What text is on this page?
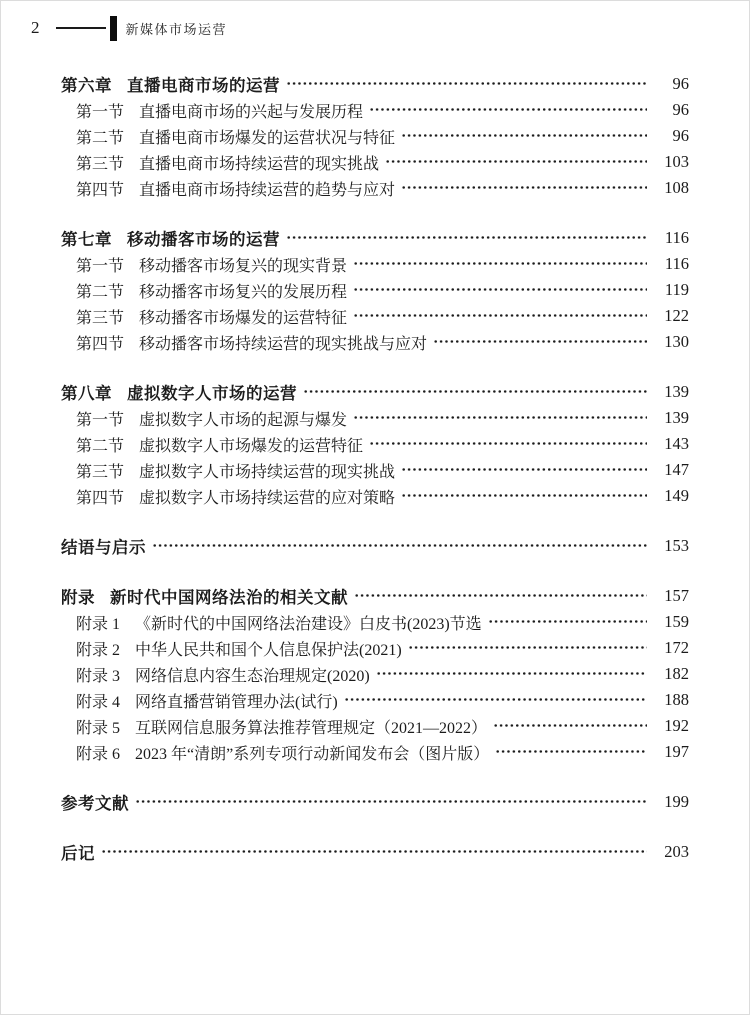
2	新媒体市场运营
第六章 直播电商市场的运营	96
第一节 直播电商市场的兴起与发展历程	96
第二节 直播电商市场爆发的运营状况与特征	96
第三节 直播电商市场持续运营的现实挑战	103
第四节 直播电商市场持续运营的趋势与应对	108
第七章 移动播客市场的运营	116
第一节 移动播客市场复兴的现实背景	116
第二节 移动播客市场复兴的发展历程	119
第三节 移动播客市场爆发的运营特征	122
第四节 移动播客市场持续运营的现实挑战与应对	130
第八章 虚拟数字人市场的运营	139
第一节 虚拟数字人市场的起源与爆发	139
第二节 虚拟数字人市场爆发的运营特征	143
第三节 虚拟数字人市场持续运营的现实挑战	147
第四节 虚拟数字人市场持续运营的应对策略	149
结语与启示	153
附录 新时代中国网络法治的相关文献	157
附录 1 《新时代的中国网络法治建设》白皮书(2023)节选	159
附录 2 中华人民共和国个人信息保护法(2021)	172
附录 3 网络信息内容生态治理规定(2020)	182
附录 4 网络直播营销管理办法(试行)	188
附录 5 互联网信息服务算法推荐管理规定（2021—2022）	192
附录 6 2023 年“清朗”系列专项行动新闻发布会（图片版）	197
参考文献	199
后记	203
